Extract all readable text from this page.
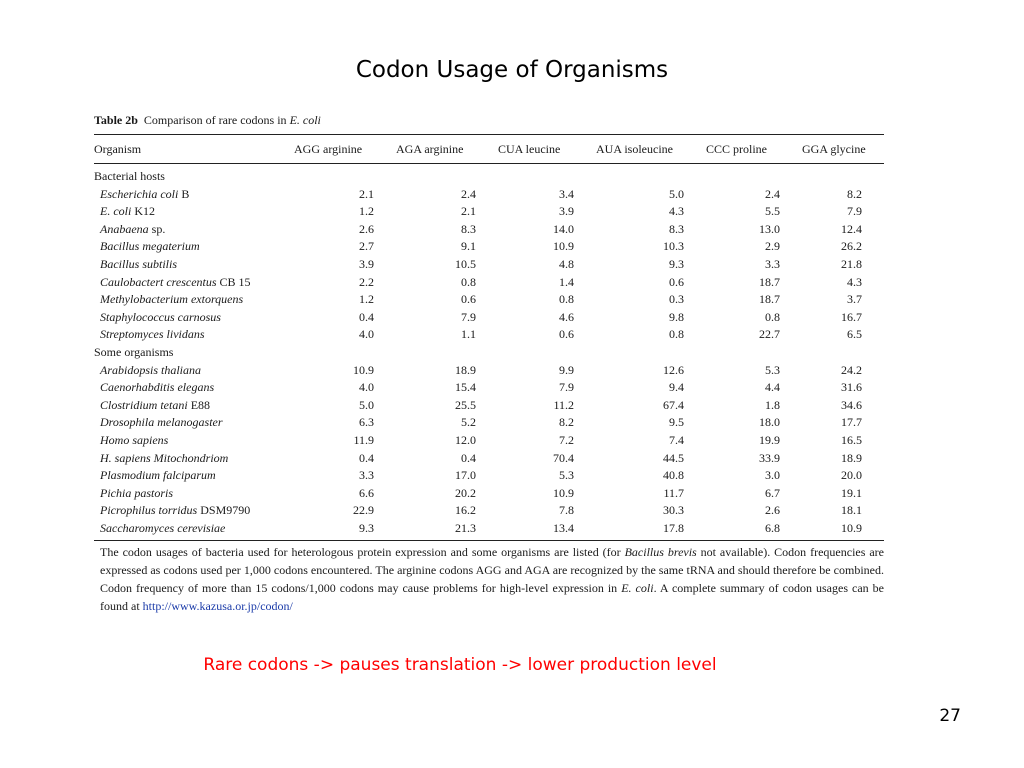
Codon Usage of Organisms
Table 2b Comparison of rare codons in E. coli
Organism	AGG arginine	AGA arginine	CUA leucine	AUA isoleucine	CCC proline	GGA glycine

Bacterial hosts						
Escherichia coli B	2.1	2.4	3.4	5.0	2.4	8.2
E. coli K12	1.2	2.1	3.9	4.3	5.5	7.9
Anabaena sp.	2.6	8.3	14.0	8.3	13.0	12.4
Bacillus megaterium	2.7	9.1	10.9	10.3	2.9	26.2
Bacillus subtilis	3.9	10.5	4.8	9.3	3.3	21.8
Caulobactert crescentus CB 15	2.2	0.8	1.4	0.6	18.7	4.3
Methylobacterium extorquens	1.2	0.6	0.8	0.3	18.7	3.7
Staphylococcus carnosus	0.4	7.9	4.6	9.8	0.8	16.7
Streptomyces lividans	4.0	1.1	0.6	0.8	22.7	6.5
Some organisms						
Arabidopsis thaliana	10.9	18.9	9.9	12.6	5.3	24.2
Caenorhabditis elegans	4.0	15.4	7.9	9.4	4.4	31.6
Clostridium tetani E88	5.0	25.5	11.2	67.4	1.8	34.6
Drosophila melanogaster	6.3	5.2	8.2	9.5	18.0	17.7
Homo sapiens	11.9	12.0	7.2	7.4	19.9	16.5
H. sapiens Mitochondriom	0.4	0.4	70.4	44.5	33.9	18.9
Plasmodium falciparum	3.3	17.0	5.3	40.8	3.0	20.0
Pichia pastoris	6.6	20.2	10.9	11.7	6.7	19.1
Picrophilus torridus DSM9790	22.9	16.2	7.8	30.3	2.6	18.1
Saccharomyces cerevisiae	9.3	21.3	13.4	17.8	6.8	10.9
The codon usages of bacteria used for heterologous protein expression and some organisms are listed (for Bacillus brevis not available). Codon frequencies are expressed as codons used per 1,000 codons encountered. The arginine codons AGG and AGA are recognized by the same tRNA and should therefore be combined. Codon frequency of more than 15 codons/1,000 codons may cause problems for high-level expression in E. coli. A complete summary of codon usages can be found at http://www.kazusa.or.jp/codon/
Rare codons -> pauses translation -> lower production level
27
